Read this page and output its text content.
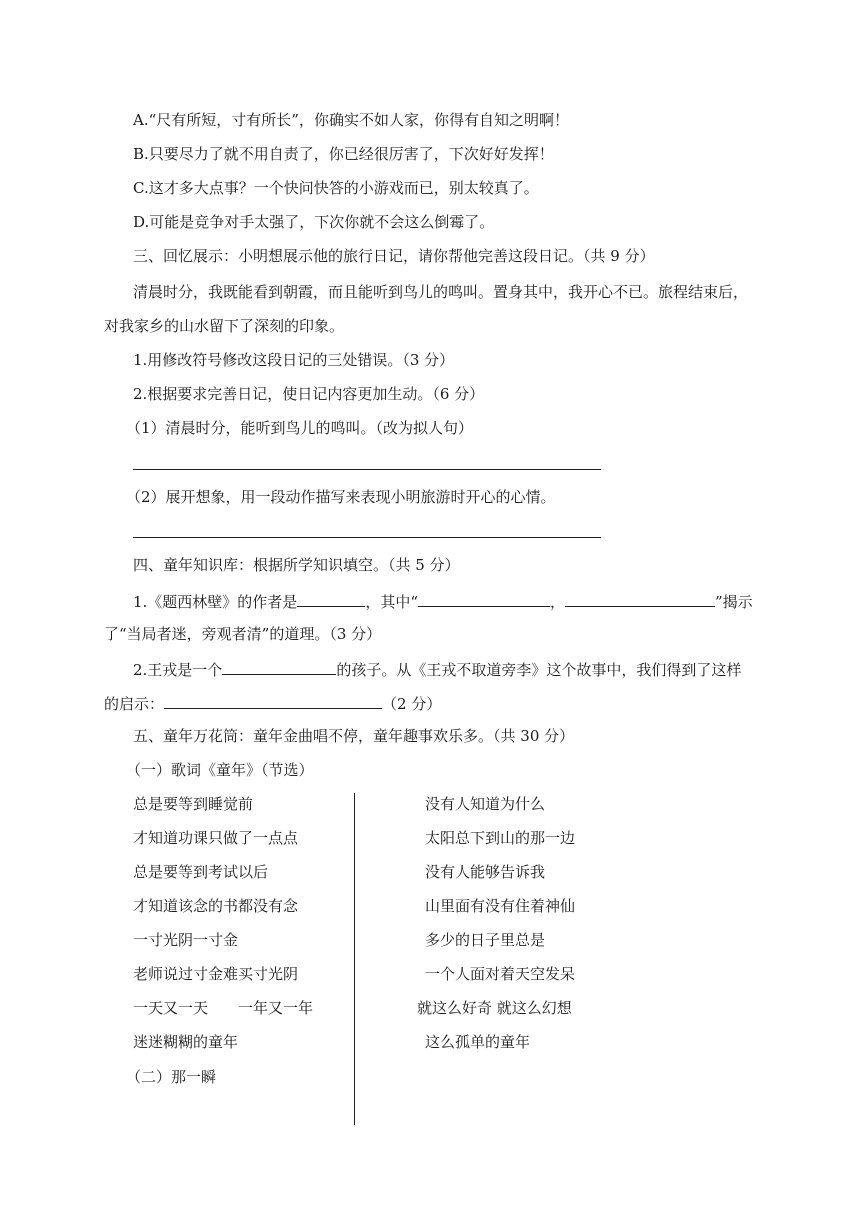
A.“尺有所短，寸有所长”，你确实不如人家，你得有自知之明啊！
B.只要尽力了就不用自责了，你已经很厉害了，下次好好发挥！
C.这才多大点事？一个快问快答的小游戏而已，别太较真了。
D.可能是竞争对手太强了，下次你就不会这么倒霉了。
三、回忆展示：小明想展示他的旅行日记，请你帮他完善这段日记。（共 9 分）
清晨时分，我既能看到朝霞，而且能听到鸟儿的鸣叫。置身其中，我开心不已。旅程结束后，
对我家乡的山水留下了深刻的印象。
1.用修改符号修改这段日记的三处错误。（3 分）
2.根据要求完善日记，使日记内容更加生动。（6 分）
（1）清晨时分，能听到鸟儿的鸣叫。（改为拟人句）
（2）展开想象，用一段动作描写来表现小明旅游时开心的心情。
四、童年知识库：根据所学知识填空。（共 5 分）
1.《题西林壁》的作者是	，其中“	，	”揭示
了“当局者迷，旁观者清”的道理。（3 分）
2.王戎是一个	的孩子。从《王戎不取道旁李》这个故事中，我们得到了这样
的启示：	（2 分）
五、童年万花筒：童年金曲唱不停，童年趣事欢乐多。（共 30 分）
（一）歌词《童年》（节选）
总是要等到睡觉前
才知道功课只做了一点点
总是要等到考试以后
才知道该念的书都没有念
一寸光阴一寸金
老师说过寸金难买寸光阴
一天又一天　　一年又一年
迷迷糊糊的童年
没有人知道为什么
太阳总下到山的那一边
没有人能够告诉我
山里面有没有住着神仙
多少的日子里总是
一个人面对着天空发呆
就这么好奇 就这么幻想
这么孤单的童年
（二）那一瞬
